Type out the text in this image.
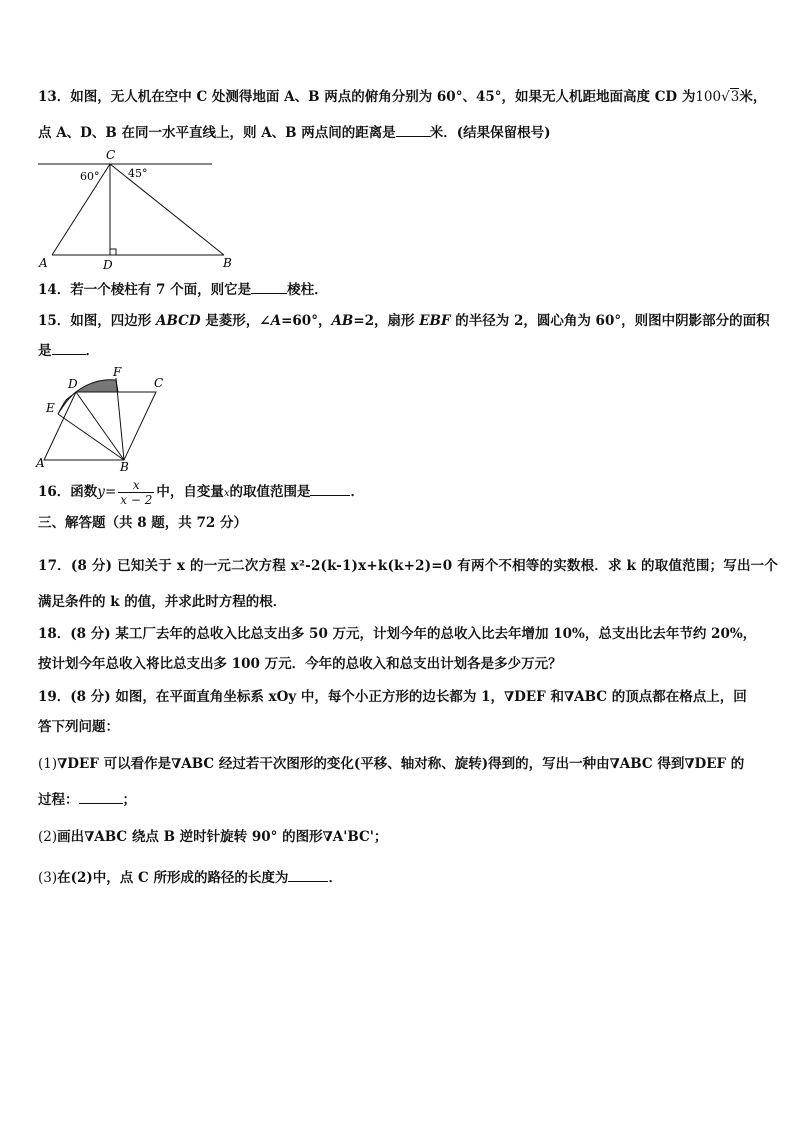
13．如图，无人机在空中 C 处测得地面 A、B 两点的俯角分别为 60°、45°，如果无人机距地面高度 CD 为100√3米，
点 A、D、B 在同一水平直线上，则 A、B 两点间的距离是	米．(结果保留根号)
C
60°	45°
A	D	B
14．若一个棱柱有 7 个面，则它是	棱柱．
15．如图，四边形 ABCD 是菱形，∠A=60°，AB=2，扇形 EBF 的半径为 2，圆心角为 60°，则图中阴影部分的面积
是	．
D
F
C
E
A	B
16．函数$y= \frac{x}{x - 2}$ 中，自变量x的取值范围是	．
三、解答题（共 8 题，共 72 分）
17．(8 分) 已知关于 x 的一元二次方程 x²-2(k-1)x+k(k+2)=0 有两个不相等的实数根．求 k 的取值范围；写出一个
满足条件的 k 的值，并求此时方程的根．
18．(8 分) 某工厂去年的总收入比总支出多 50 万元，计划今年的总收入比去年增加 10%，总支出比去年节约 20%，
按计划今年总收入将比总支出多 100 万元．今年的总收入和总支出计划各是多少万元？
19．(8 分) 如图，在平面直角坐标系 xOy 中，每个小正方形的边长都为 1，∇DEF 和∇ABC 的顶点都在格点上，回
答下列问题：
(1)∇DEF 可以看作是∇ABC 经过若干次图形的变化(平移、轴对称、旋转)得到的，写出一种由∇ABC 得到∇DEF 的
过程：	；
(2)画出∇ABC 绕点 B 逆时针旋转 90° 的图形∇A'BC'；
(3)在(2)中，点 C 所形成的路径的长度为	．
